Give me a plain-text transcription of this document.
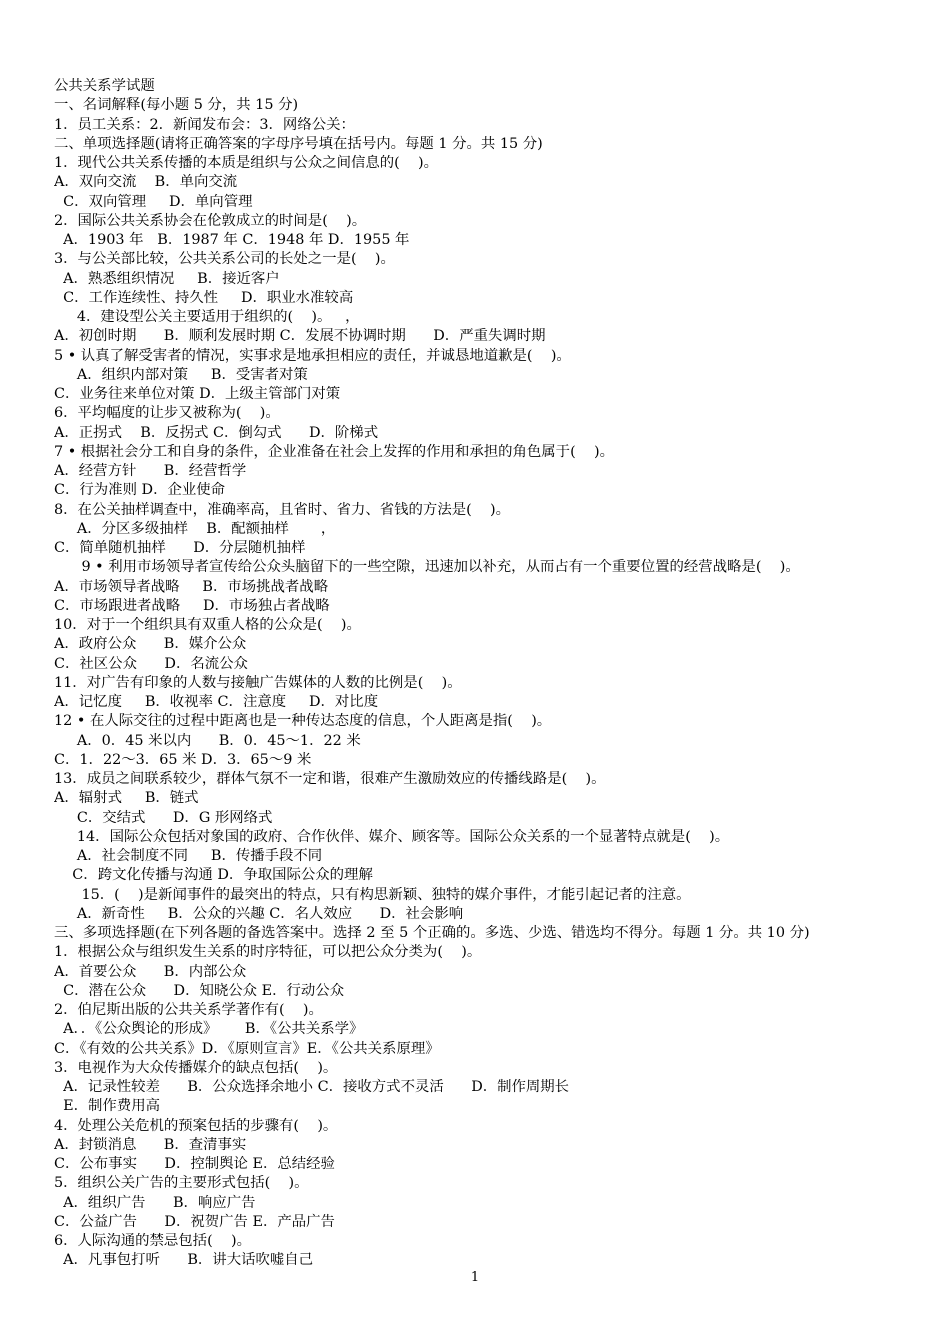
公共关系学试题
一、名词解释(每小题 5 分，共 15 分)
1．员工关系：2．新闻发布会：3．网络公关：
二、单项选择题(请将正确答案的字母序号填在括号内。每题 1 分。共 15 分)
1．现代公共关系传播的本质是组织与公众之间信息的(    )。
A．双向交流    B．单向交流
C．双向管理     D．单向管理
2．国际公共关系协会在伦敦成立的时间是(    )。
A．1903 年   B．1987 年 C．1948 年 D．1955 年
3．与公关部比较，公共关系公司的长处之一是(    )。
A．熟悉组织情况     B．接近客户
C．工作连续性、持久性     D．职业水准较高
4．建设型公关主要适用于组织的(    )。   ，
A．初创时期      B．顺利发展时期 C．发展不协调时期      D．严重失调时期
5 • 认真了解受害者的情况，实事求是地承担相应的责任，并诚恳地道歉是(    )。
A．组织内部对策     B．受害者对策
C．业务往来单位对策 D．上级主管部门对策
6．平均幅度的让步又被称为(    )。
A．正拐式    B．反拐式 C．倒勾式      D．阶梯式
7 • 根据社会分工和自身的条件，企业准备在社会上发挥的作用和承担的角色属于(    )。
A．经营方针      B．经营哲学
C．行为准则 D．企业使命
8．在公关抽样调查中，准确率高，且省时、省力、省钱的方法是(    )。
A．分区多级抽样    B．配额抽样       ，
C．简单随机抽样      D．分层随机抽样
9 • 利用市场领导者宣传给公众头脑留下的一些空隙，迅速加以补充，从而占有一个重要位置的经营战略是(    )。
A．市场领导者战略     B．市场挑战者战略
C．市场跟进者战略     D．市场独占者战略
10．对于一个组织具有双重人格的公众是(    )。
A．政府公众      B．媒介公众
C．社区公众      D．名流公众
11．对广告有印象的人数与接触广告媒体的人数的比例是(    )。
A．记忆度     B．收视率 C．注意度     D．对比度
12 • 在人际交往的过程中距离也是一种传达态度的信息，个人距离是指(    )。
A．0．45 米以内      B．0．45～1．22 米
C．1．22～3．65 米 D．3．65～9 米
13．成员之间联系较少，群体气氛不一定和谐，很难产生激励效应的传播线路是(    )。
A．辐射式     B．链式
C．交结式      D．G 形网络式
14．国际公众包括对象国的政府、合作伙伴、媒介、顾客等。国际公众关系的一个显著特点就是(    )。
A．社会制度不同     B．传播手段不同
C．跨文化传播与沟通 D．争取国际公众的理解
15．(    )是新闻事件的最突出的特点，只有构思新颖、独特的媒介事件，才能引起记者的注意。
A．新奇性     B．公众的兴趣 C．名人效应      D．社会影响
三、多项选择题(在下列各题的备选答案中。选择 2 至 5 个正确的。多选、少选、错选均不得分。每题 1 分。共 10 分)
1．根据公众与组织发生关系的时序特征，可以把公众分类为(    )。
A．首要公众      B．内部公众
C．潜在公众      D．知晓公众 E．行动公众
2．伯尼斯出版的公共关系学著作有(    )。
A．．《公众舆论的形成》      B．《公共关系学》
C．《有效的公共关系》D．《原则宣言》E．《公共关系原理》
3．电视作为大众传播媒介的缺点包括(    )。
A．记录性较差      B．公众选择余地小 C．接收方式不灵活      D．制作周期长
E．制作费用高
4．处理公关危机的预案包括的步骤有(    )。
A．封锁消息      B．查清事实
C．公布事实      D．控制舆论 E．总结经验
5．组织公关广告的主要形式包括(    )。
A．组织广告      B．响应广告
C．公益广告      D．祝贺广告 E．产品广告
6．人际沟通的禁忌包括(    )。
A．凡事包打听      B．讲大话吹嘘自己
1
